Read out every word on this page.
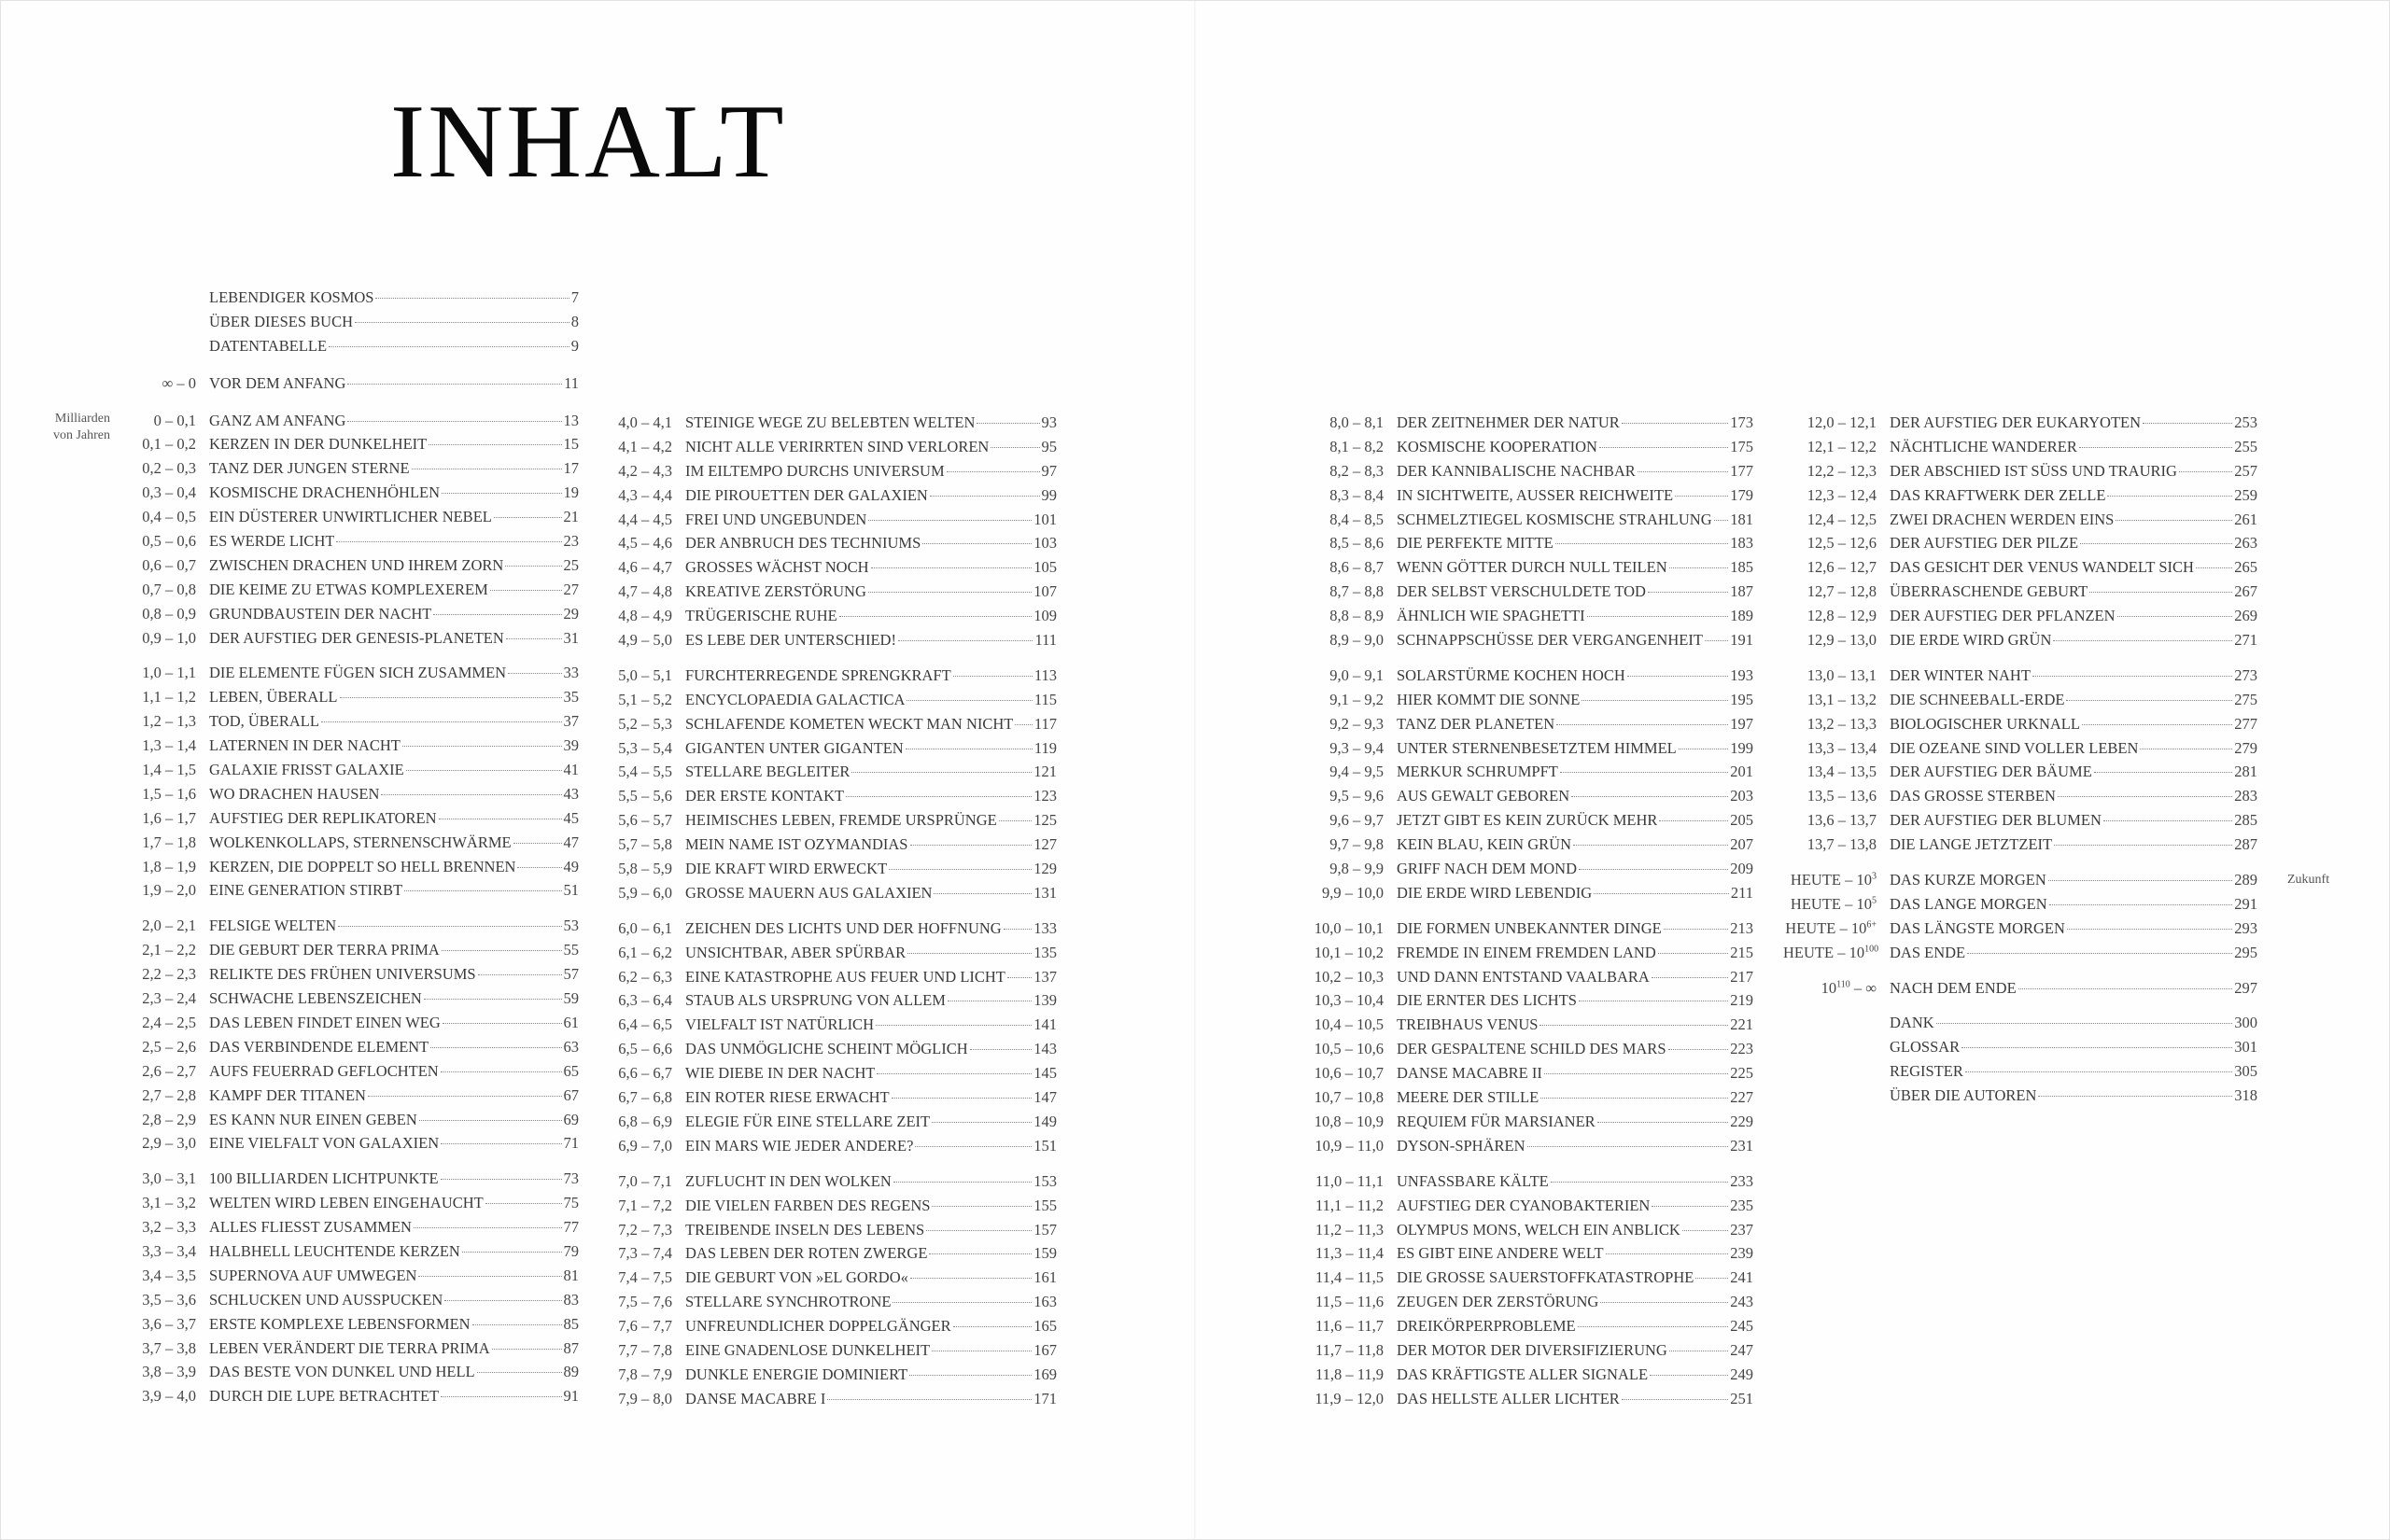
INHALT
Milliarden
von Jahren
Zukunft
LEBENDIGER KOSMOS	7
ÜBER DIESES BUCH	8
DATENTABELLE	9
∞ – 0 VOR DEM ANFANG	11
0 – 0,1 GANZ AM ANFANG	13
0,1 – 0,2 KERZEN IN DER DUNKELHEIT	15
0,2 – 0,3 TANZ DER JUNGEN STERNE	17
0,3 – 0,4 KOSMISCHE DRACHENHÖHLEN	19
0,4 – 0,5 EIN DÜSTERER UNWIRTLICHER NEBEL	21
0,5 – 0,6 ES WERDE LICHT	23
0,6 – 0,7 ZWISCHEN DRACHEN UND IHREM ZORN	25
0,7 – 0,8 DIE KEIME ZU ETWAS KOMPLEXEREM	27
0,8 – 0,9 GRUNDBAUSTEIN DER NACHT	29
0,9 – 1,0 DER AUFSTIEG DER GENESIS-PLANETEN	31
1,0 – 1,1 DIE ELEMENTE FÜGEN SICH ZUSAMMEN	33
1,1 – 1,2 LEBEN, ÜBERALL	35
1,2 – 1,3 TOD, ÜBERALL	37
1,3 – 1,4 LATERNEN IN DER NACHT	39
1,4 – 1,5 GALAXIE FRISST GALAXIE	41
1,5 – 1,6 WO DRACHEN HAUSEN	43
1,6 – 1,7 AUFSTIEG DER REPLIKATOREN	45
1,7 – 1,8 WOLKENKOLLAPS, STERNENSCHWÄRME	47
1,8 – 1,9 KERZEN, DIE DOPPELT SO HELL BRENNEN	49
1,9 – 2,0 EINE GENERATION STIRBT	51
2,0 – 2,1 FELSIGE WELTEN	53
2,1 – 2,2 DIE GEBURT DER TERRA PRIMA	55
2,2 – 2,3 RELIKTE DES FRÜHEN UNIVERSUMS	57
2,3 – 2,4 SCHWACHE LEBENSZEICHEN	59
2,4 – 2,5 DAS LEBEN FINDET EINEN WEG	61
2,5 – 2,6 DAS VERBINDENDE ELEMENT	63
2,6 – 2,7 AUFS FEUERRAD GEFLOCHTEN	65
2,7 – 2,8 KAMPF DER TITANEN	67
2,8 – 2,9 ES KANN NUR EINEN GEBEN	69
2,9 – 3,0 EINE VIELFALT VON GALAXIEN	71
3,0 – 3,1 100 BILLIARDEN LICHTPUNKTE	73
3,1 – 3,2 WELTEN WIRD LEBEN EINGEHAUCHT	75
3,2 – 3,3 ALLES FLIESST ZUSAMMEN	77
3,3 – 3,4 HALBHELL LEUCHTENDE KERZEN	79
3,4 – 3,5 SUPERNOVA AUF UMWEGEN	81
3,5 – 3,6 SCHLUCKEN UND AUSSPUCKEN	83
3,6 – 3,7 ERSTE KOMPLEXE LEBENSFORMEN	85
3,7 – 3,8 LEBEN VERÄNDERT DIE TERRA PRIMA	87
3,8 – 3,9 DAS BESTE VON DUNKEL UND HELL	89
3,9 – 4,0 DURCH DIE LUPE BETRACHTET	91
4,0 – 4,1 STEINIGE WEGE ZU BELEBTEN WELTEN	93
4,1 – 4,2 NICHT ALLE VERIRRTEN SIND VERLOREN	95
4,2 – 4,3 IM EILTEMPO DURCHS UNIVERSUM	97
4,3 – 4,4 DIE PIROUETTEN DER GALAXIEN	99
4,4 – 4,5 FREI UND UNGEBUNDEN	101
4,5 – 4,6 DER ANBRUCH DES TECHNIUMS	103
4,6 – 4,7 GROSSES WÄCHST NOCH	105
4,7 – 4,8 KREATIVE ZERSTÖRUNG	107
4,8 – 4,9 TRÜGERISCHE RUHE	109
4,9 – 5,0 ES LEBE DER UNTERSCHIED!	111
5,0 – 5,1 FURCHTERREGENDE SPRENGKRAFT	113
5,1 – 5,2 ENCYCLOPAEDIA GALACTICA	115
5,2 – 5,3 SCHLAFENDE KOMETEN WECKT MAN NICHT 117
5,3 – 5,4 GIGANTEN UNTER GIGANTEN	119
5,4 – 5,5 STELLARE BEGLEITER	121
5,5 – 5,6 DER ERSTE KONTAKT	123
5,6 – 5,7 HEIMISCHES LEBEN, FREMDE URSPRÜNGE 125
5,7 – 5,8 MEIN NAME IST OZYMANDIAS	127
5,8 – 5,9 DIE KRAFT WIRD ERWECKT	129
5,9 – 6,0 GROSSE MAUERN AUS GALAXIEN	131
6,0 – 6,1 ZEICHEN DES LICHTS UND DER HOFFNUNG 133
6,1 – 6,2 UNSICHTBAR, ABER SPÜRBAR	135
6,2 – 6,3 EINE KATASTROPHE AUS FEUER UND LICHT 137
6,3 – 6,4 STAUB ALS URSPRUNG VON ALLEM	139
6,4 – 6,5 VIELFALT IST NATÜRLICH	141
6,5 – 6,6 DAS UNMÖGLICHE SCHEINT MÖGLICH	143
6,6 – 6,7 WIE DIEBE IN DER NACHT	145
6,7 – 6,8 EIN ROTER RIESE ERWACHT	147
6,8 – 6,9 ELEGIE FÜR EINE STELLARE ZEIT	149
6,9 – 7,0 EIN MARS WIE JEDER ANDERE?	151
7,0 – 7,1 ZUFLUCHT IN DEN WOLKEN	153
7,1 – 7,2 DIE VIELEN FARBEN DES REGENS	155
7,2 – 7,3 TREIBENDE INSELN DES LEBENS	157
7,3 – 7,4 DAS LEBEN DER ROTEN ZWERGE	159
7,4 – 7,5 DIE GEBURT VON »EL GORDO«	161
7,5 – 7,6 STELLARE SYNCHROTRONE	163
7,6 – 7,7 UNFREUNDLICHER DOPPELGÄNGER	165
7,7 – 7,8 EINE GNADENLOSE DUNKELHEIT	167
7,8 – 7,9 DUNKLE ENERGIE DOMINIERT	169
7,9 – 8,0 DANSE MACABRE I	171
8,0 – 8,1 DER ZEITNEHMER DER NATUR	173
8,1 – 8,2 KOSMISCHE KOOPERATION	175
8,2 – 8,3 DER KANNIBALISCHE NACHBAR	177
8,3 – 8,4 IN SICHTWEITE, AUSSER REICHWEITE	179
8,4 – 8,5 SCHMELZTIEGEL KOSMISCHE STRAHLUNG 181
8,5 – 8,6 DIE PERFEKTE MITTE	183
8,6 – 8,7 WENN GÖTTER DURCH NULL TEILEN	185
8,7 – 8,8 DER SELBST VERSCHULDETE TOD	187
8,8 – 8,9 ÄHNLICH WIE SPAGHETTI	189
8,9 – 9,0 SCHNAPPSCHÜSSE DER VERGANGENHEIT 191
9,0 – 9,1 SOLARSTÜRME KOCHEN HOCH	193
9,1 – 9,2 HIER KOMMT DIE SONNE	195
9,2 – 9,3 TANZ DER PLANETEN	197
9,3 – 9,4 UNTER STERNENBESETZTEM HIMMEL	199
9,4 – 9,5 MERKUR SCHRUMPFT	201
9,5 – 9,6 AUS GEWALT GEBOREN	203
9,6 – 9,7 JETZT GIBT ES KEIN ZURÜCK MEHR	205
9,7 – 9,8 KEIN BLAU, KEIN GRÜN	207
9,8 – 9,9 GRIFF NACH DEM MOND	209
9,9 – 10,0 DIE ERDE WIRD LEBENDIG	211
10,0 – 10,1 DIE FORMEN UNBEKANNTER DINGE	213
10,1 – 10,2 FREMDE IN EINEM FREMDEN LAND	215
10,2 – 10,3 UND DANN ENTSTAND VAALBARA	217
10,3 – 10,4 DIE ERNTER DES LICHTS	219
10,4 – 10,5 TREIBHAUS VENUS	221
10,5 – 10,6 DER GESPALTENE SCHILD DES MARS	223
10,6 – 10,7 DANSE MACABRE II	225
10,7 – 10,8 MEERE DER STILLE	227
10,8 – 10,9 REQUIEM FÜR MARSIANER	229
10,9 – 11,0 DYSON-SPHÄREN	231
11,0 – 11,1 UNFASSBARE KÄLTE	233
11,1 – 11,2 AUFSTIEG DER CYANOBAKTERIEN	235
11,2 – 11,3 OLYMPUS MONS, WELCH EIN ANBLICK	237
11,3 – 11,4 ES GIBT EINE ANDERE WELT	239
11,4 – 11,5 DIE GROSSE SAUERSTOFFKATASTROPHE 241
11,5 – 11,6 ZEUGEN DER ZERSTÖRUNG	243
11,6 – 11,7 DREIKÖRPERPROBLEME	245
11,7 – 11,8 DER MOTOR DER DIVERSIFIZIERUNG	247
11,8 – 11,9 DAS KRÄFTIGSTE ALLER SIGNALE	249
11,9 – 12,0 DAS HELLSTE ALLER LICHTER	251
12,0 – 12,1 DER AUFSTIEG DER EUKARYOTEN	253
12,1 – 12,2 NÄCHTLICHE WANDERER	255
12,2 – 12,3 DER ABSCHIED IST SÜSS UND TRAURIG	257
12,3 – 12,4 DAS KRAFTWERK DER ZELLE	259
12,4 – 12,5 ZWEI DRACHEN WERDEN EINS	261
12,5 – 12,6 DER AUFSTIEG DER PILZE	263
12,6 – 12,7 DAS GESICHT DER VENUS WANDELT SICH	265
12,7 – 12,8 ÜBERRASCHENDE GEBURT	267
12,8 – 12,9 DER AUFSTIEG DER PFLANZEN	269
12,9 – 13,0 DIE ERDE WIRD GRÜN	271
13,0 – 13,1 DER WINTER NAHT	273
13,1 – 13,2 DIE SCHNEEBALL-ERDE	275
13,2 – 13,3 BIOLOGISCHER URKNALL	277
13,3 – 13,4 DIE OZEANE SIND VOLLER LEBEN	279
13,4 – 13,5 DER AUFSTIEG DER BÄUME	281
13,5 – 13,6 DAS GROSSE STERBEN	283
13,6 – 13,7 DER AUFSTIEG DER BLUMEN	285
13,7 – 13,8 DIE LANGE JETZTZEIT	287
HEUTE – $10^3$ DAS KURZE MORGEN	289
HEUTE – $10^5$ DAS LANGE MORGEN	291
HEUTE – $10^{6+}$ DAS LÄNGSTE MORGEN	293
HEUTE – $10^{100}$ DAS ENDE	295
$10^{110}$ – ∞ NACH DEM ENDE	297
DANK	300
GLOSSAR	301
REGISTER	305
ÜBER DIE AUTOREN	318
